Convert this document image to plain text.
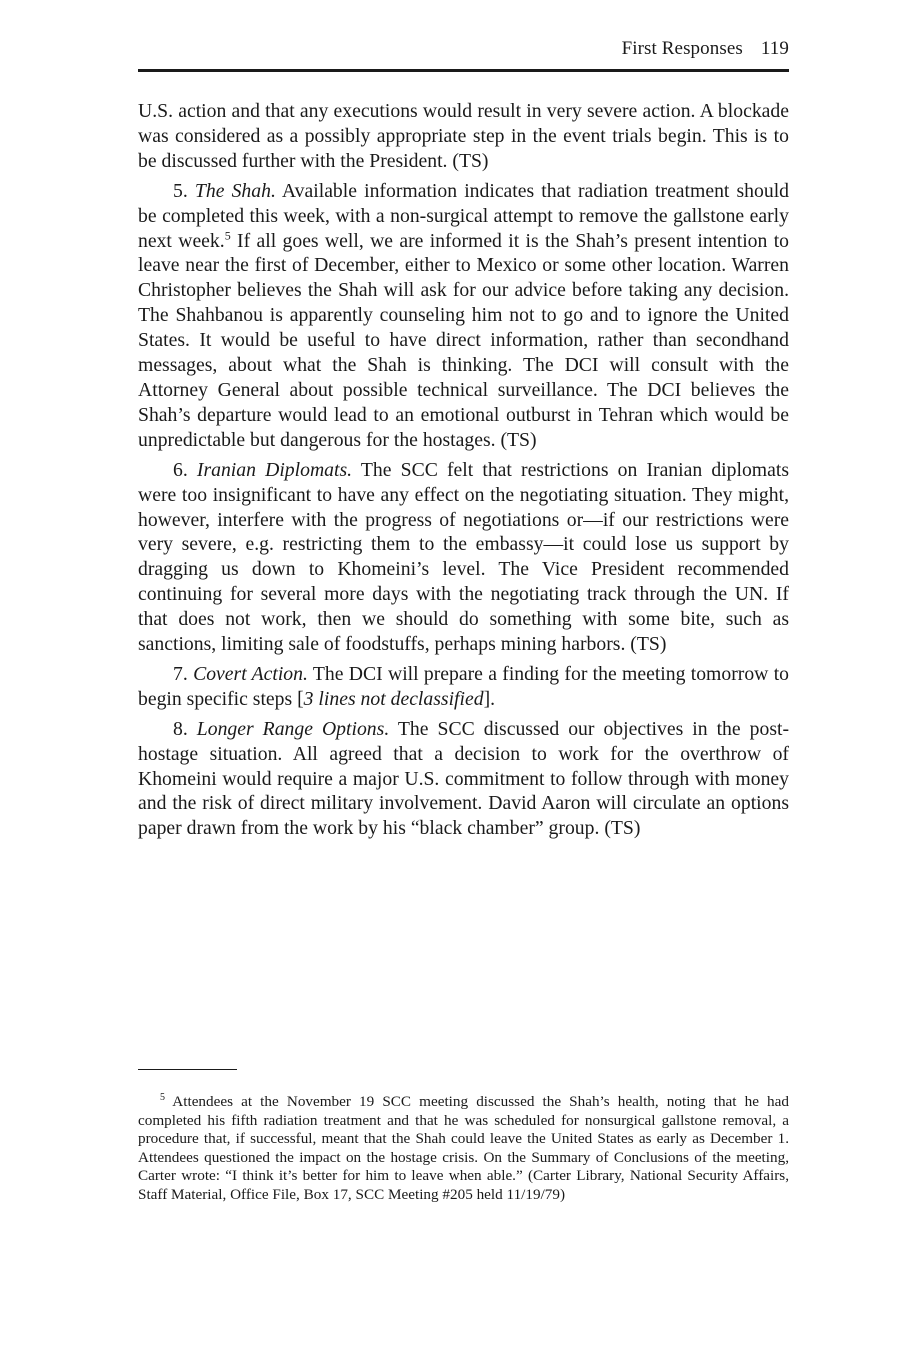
First Responses 119

U.S. action and that any executions would result in very severe action. A blockade was considered as a possibly appropriate step in the event trials begin. This is to be discussed further with the President. (TS)

5. The Shah. Available information indicates that radiation treatment should be completed this week, with a non-surgical attempt to remove the gallstone early next week.$^5$ If all goes well, we are informed it is the Shah’s present intention to leave near the first of December, either to Mexico or some other location. Warren Christopher believes the Shah will ask for our advice before taking any decision. The Shahbanou is apparently counseling him not to go and to ignore the United States. It would be useful to have direct information, rather than secondhand messages, about what the Shah is thinking. The DCI will consult with the Attorney General about possible technical surveillance. The DCI believes the Shah’s departure would lead to an emotional outburst in Tehran which would be unpredictable but dangerous for the hostages. (TS)

6. Iranian Diplomats. The SCC felt that restrictions on Iranian diplomats were too insignificant to have any effect on the negotiating situation. They might, however, interfere with the progress of negotiations or—if our restrictions were very severe, e.g. restricting them to the embassy—it could lose us support by dragging us down to Khomeini’s level. The Vice President recommended continuing for several more days with the negotiating track through the UN. If that does not work, then we should do something with some bite, such as sanctions, limiting sale of foodstuffs, perhaps mining harbors. (TS)

7. Covert Action. The DCI will prepare a finding for the meeting tomorrow to begin specific steps [3 lines not declassified].

8. Longer Range Options. The SCC discussed our objectives in the post-hostage situation. All agreed that a decision to work for the overthrow of Khomeini would require a major U.S. commitment to follow through with money and the risk of direct military involvement. David Aaron will circulate an options paper drawn from the work by his “black chamber” group. (TS)

$^5$ Attendees at the November 19 SCC meeting discussed the Shah’s health, noting that he had completed his fifth radiation treatment and that he was scheduled for nonsurgical gallstone removal, a procedure that, if successful, meant that the Shah could leave the United States as early as December 1. Attendees questioned the impact on the hostage crisis. On the Summary of Conclusions of the meeting, Carter wrote: “I think it’s better for him to leave when able.” (Carter Library, National Security Affairs, Staff Material, Office File, Box 17, SCC Meeting #205 held 11/19/79)
